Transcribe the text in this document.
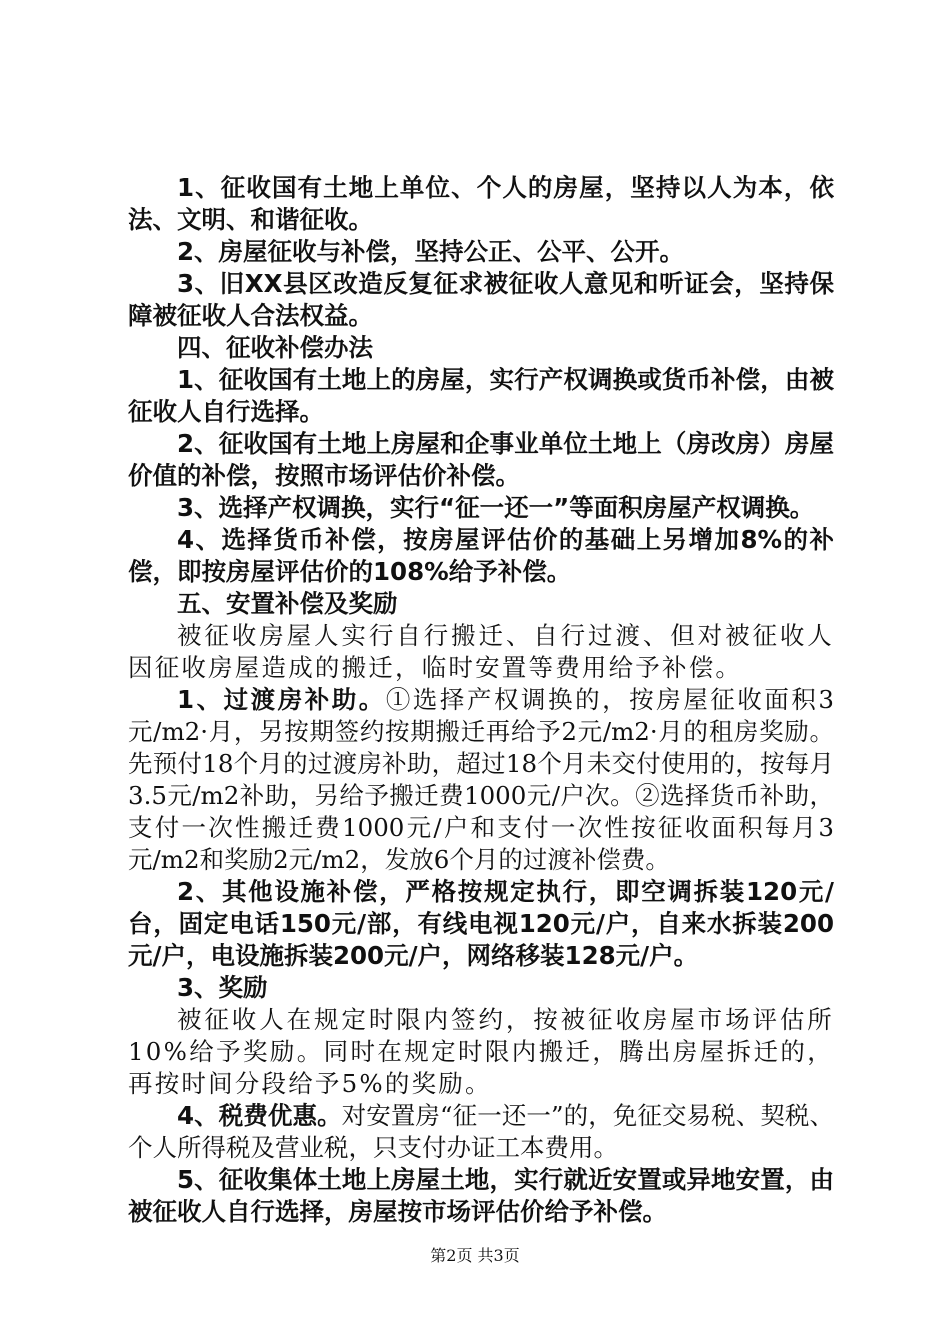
1、征收国有土地上单位、个人的房屋，坚持以人为本，依法、文明、和谐征收。

2、房屋征收与补偿，坚持公正、公平、公开。

3、旧XX县区改造反复征求被征收人意见和听证会，坚持保障被征收人合法权益。

四、征收补偿办法

1、征收国有土地上的房屋，实行产权调换或货币补偿，由被征收人自行选择。

2、征收国有土地上房屋和企事业单位土地上（房改房）房屋价值的补偿，按照市场评估价补偿。

3、选择产权调换，实行“征一还一”等面积房屋产权调换。

4、选择货币补偿，按房屋评估价的基础上另增加8%的补偿，即按房屋评估价的108%给予补偿。

五、安置补偿及奖励

被征收房屋人实行自行搬迁、自行过渡、但对被征收人因征收房屋造成的搬迁，临时安置等费用给予补偿。

1、过渡房补助。①选择产权调换的，按房屋征收面积3元/m2·月，另按期签约按期搬迁再给予2元/m2·月的租房奖励。先预付18个月的过渡房补助，超过18个月未交付使用的，按每月3.5元/m2补助，另给予搬迁费1000元/户次。②选择货币补助，支付一次性搬迁费1000元/户和支付一次性按征收面积每月3元/m2和奖励2元/m2，发放6个月的过渡补偿费。

2、其他设施补偿，严格按规定执行，即空调拆装120元/台，固定电话150元/部，有线电视120元/户，自来水拆装200元/户，电设施拆装200元/户，网络移装128元/户。

3、奖励

被征收人在规定时限内签约，按被征收房屋市场评估所10%给予奖励。同时在规定时限内搬迁，腾出房屋拆迁的，再按时间分段给予5%的奖励。

4、税费优惠。对安置房“征一还一”的，免征交易税、契税、个人所得税及营业税，只支付办证工本费用。

5、征收集体土地上房屋土地，实行就近安置或异地安置，由被征收人自行选择，房屋按市场评估价给予补偿。

第2页 共3页
